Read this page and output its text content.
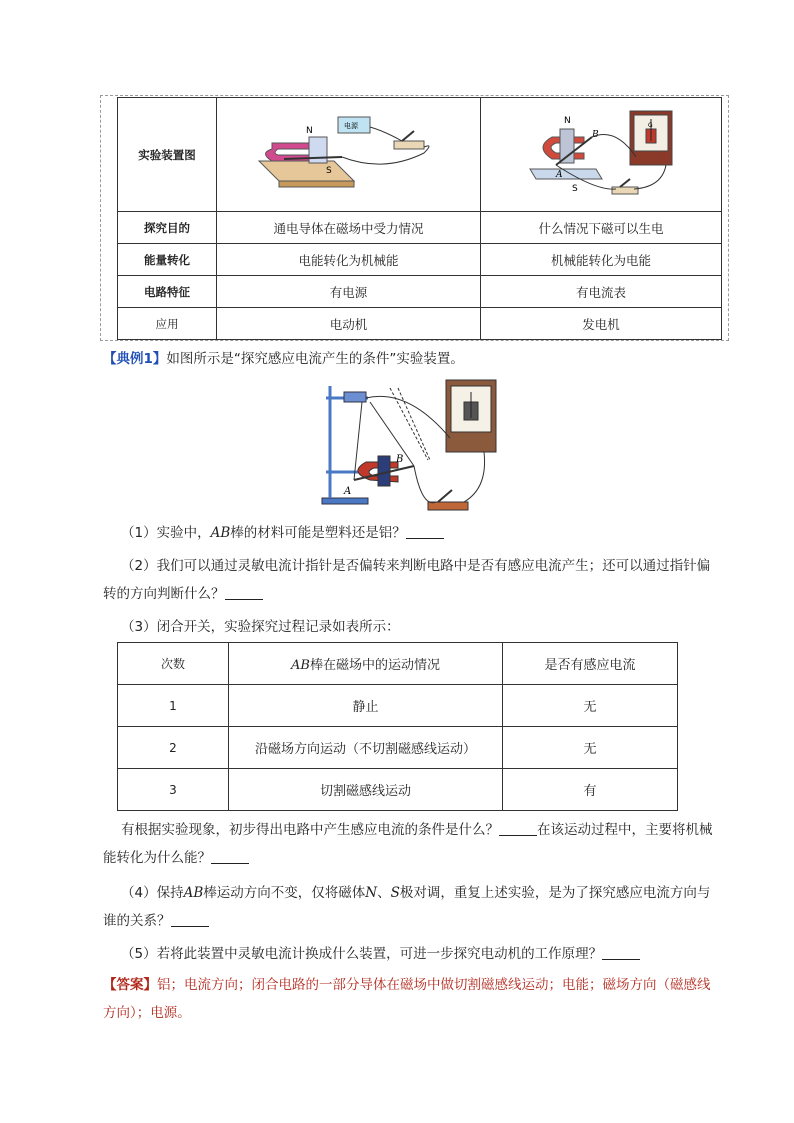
实验装置图	N
S
电源	N
S
A
B
G

探究目的	通电导体在磁场中受力情况	什么情况下磁可以生电
能量转化	电能转化为机械能	机械能转化为电能
电路特征	有电源	有电流表
应用	电动机	发电机
【典例1】如图所示是“探究感应电流产生的条件”实验装置。
A
B
（1）实验中，AB棒的材料可能是塑料还是铝？
（2）我们可以通过灵敏电流计指针是否偏转来判断电路中是否有感应电流产生；还可以通过指针偏转的方向判断什么？
（3）闭合开关，实验探究过程记录如表所示：
次数	AB棒在磁场中的运动情况	是否有感应电流
1	静止	无
2	沿磁场方向运动（不切割磁感线运动）	无
3	切割磁感线运动	有
有根据实验现象，初步得出电路中产生感应电流的条件是什么？	在该运动过程中，主要将机械能转化为什么能？
（4）保持AB棒运动方向不变，仅将磁体N、S极对调，重复上述实验，是为了探究感应电流方向与谁的关系？
（5）若将此装置中灵敏电流计换成什么装置，可进一步探究电动机的工作原理？
【答案】铝；电流方向；闭合电路的一部分导体在磁场中做切割磁感线运动；电能；磁场方向（磁感线方向）；电源。
